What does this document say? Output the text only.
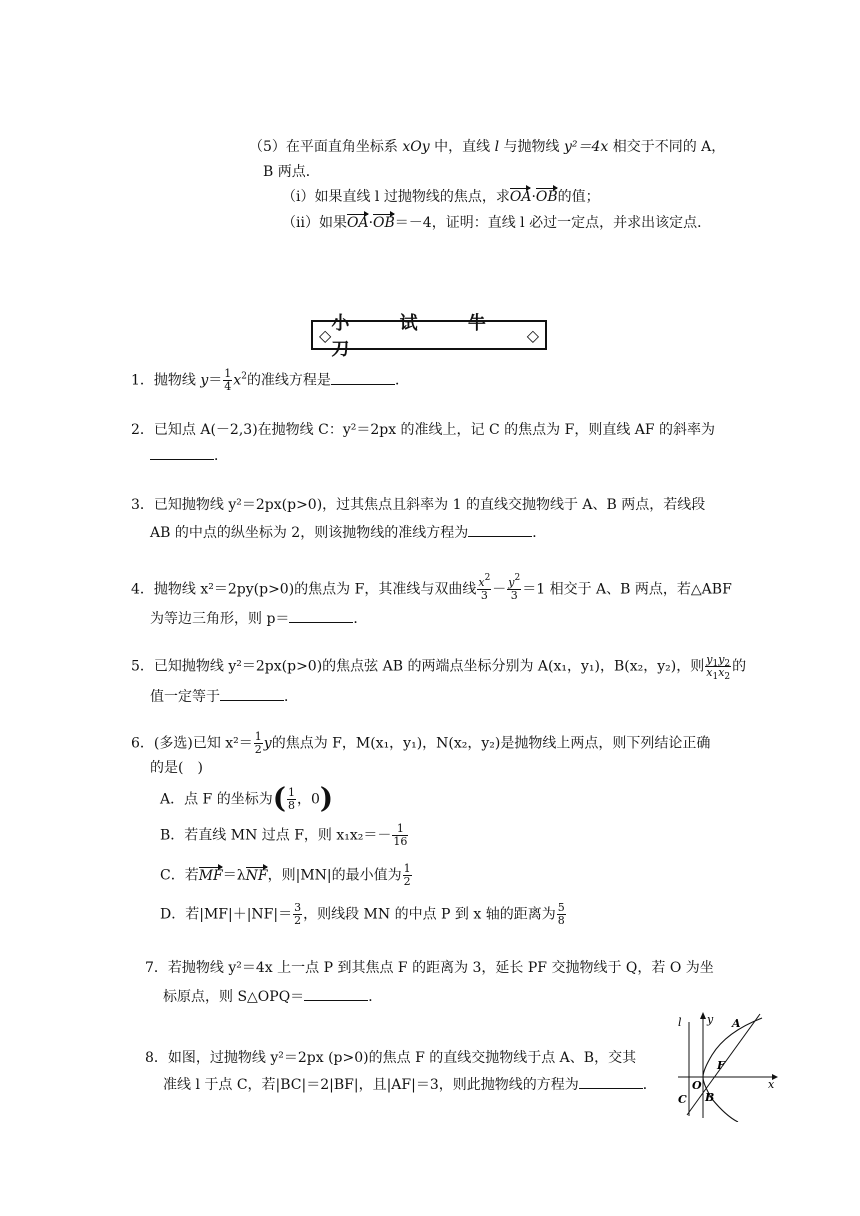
（5）在平面直角坐标系 xOy 中，直线 l 与抛物线 y²＝4x 相交于不同的 A，
B 两点．
（ⅰ）如果直线 l 过抛物线的焦点，求OA·OB的值；
（ⅱ）如果OA·OB＝－4，证明：直线 l 必过一定点，并求出该定点．
◇
小 试 牛 刀
◇
1．抛物线 $y= \frac{1}{4} x^2$的准线方程是	．
2．已知点 A(－2,3)在抛物线 C：y²＝2px 的准线上，记 C 的焦点为 F，则直线 AF 的斜率为
．
3．已知抛物线 y²＝2px(p>0)，过其焦点且斜率为 1 的直线交抛物线于 A、B 两点，若线段
AB 的中点的纵坐标为 2，则该抛物线的准线方程为	．
4．抛物线 x²＝2py(p>0)的焦点为 F，其准线与双曲线 $\frac{x^2}{3} - \frac{y^2}{3} =1$ 相交于 A、B 两点，若△ABF
为等边三角形，则 p＝	．
5．已知抛物线 y²＝2px(p>0)的焦点弦 AB 的两端点坐标分别为 A(x₁，y₁)，B(x₂，y₂)，则 $\frac{y_1y_2}{x_1x_2}$ 的
值一定等于	．
6．(多选)已知 $x^2= \frac{1}{2}$ y的焦点为 F，M(x₁，y₁)，N(x₂，y₂)是抛物线上两点，则下列结论正确
的是(　)
A．点 F 的坐标为( $\frac{1}{8}$ ，0)
B．若直线 MN 过点 F，则 $x_1x_2=- \frac{1}{16}$
C．若MF＝λNF，则|MN|的最小值为 $\frac{1}{2}$
D．若$|MF|+|NF|= \frac{3}{2}$ ，则线段 MN 的中点 P 到 x 轴的距离为 $\frac{5}{8}$
7．若抛物线 y²＝4x 上一点 P 到其焦点 F 的距离为 3，延长 PF 交抛物线于 Q，若 O 为坐
标原点，则 S△OPQ＝	．
8．如图，过抛物线 y²＝2px (p>0)的焦点 F 的直线交抛物线于点 A、B，交其
准线 l 于点 C，若|BC|＝2|BF|，且|AF|＝3，则此抛物线的方程为	．
l y A
F
O	x
B
C
